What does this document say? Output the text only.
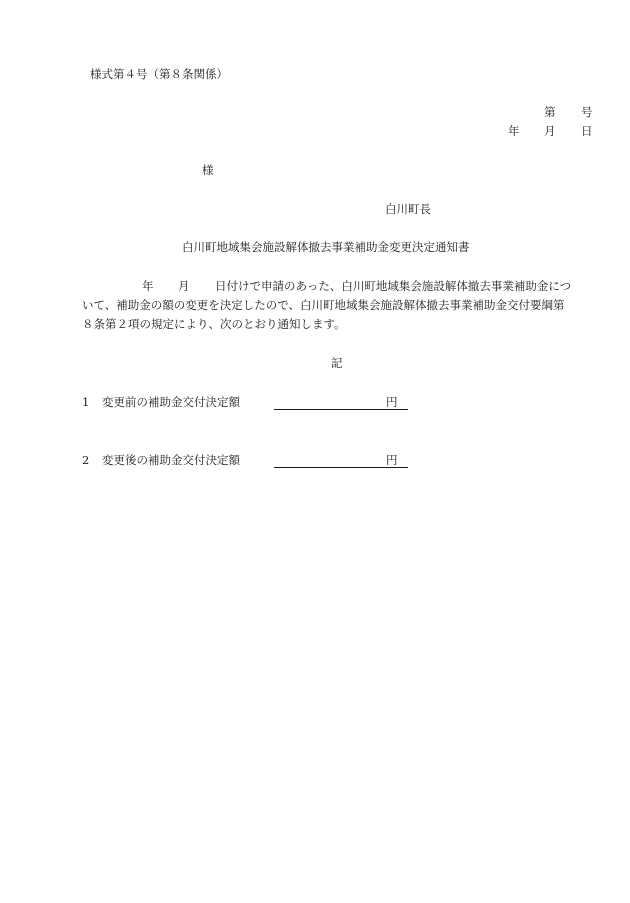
様式第４号（第８条関係）
第 号
年 月 日
様
白川町長
白川町地域集会施設解体撤去事業補助金変更決定通知書
年 月 日付けで申請のあった、白川町地域集会施設解体撤去事業補助金につ
いて、補助金の額の変更を決定したので、白川町地域集会施設解体撤去事業補助金交付要綱第
８条第２項の規定により、次のとおり通知します。
記
1 変更前の補助金交付決定額	円
2 変更後の補助金交付決定額	円
